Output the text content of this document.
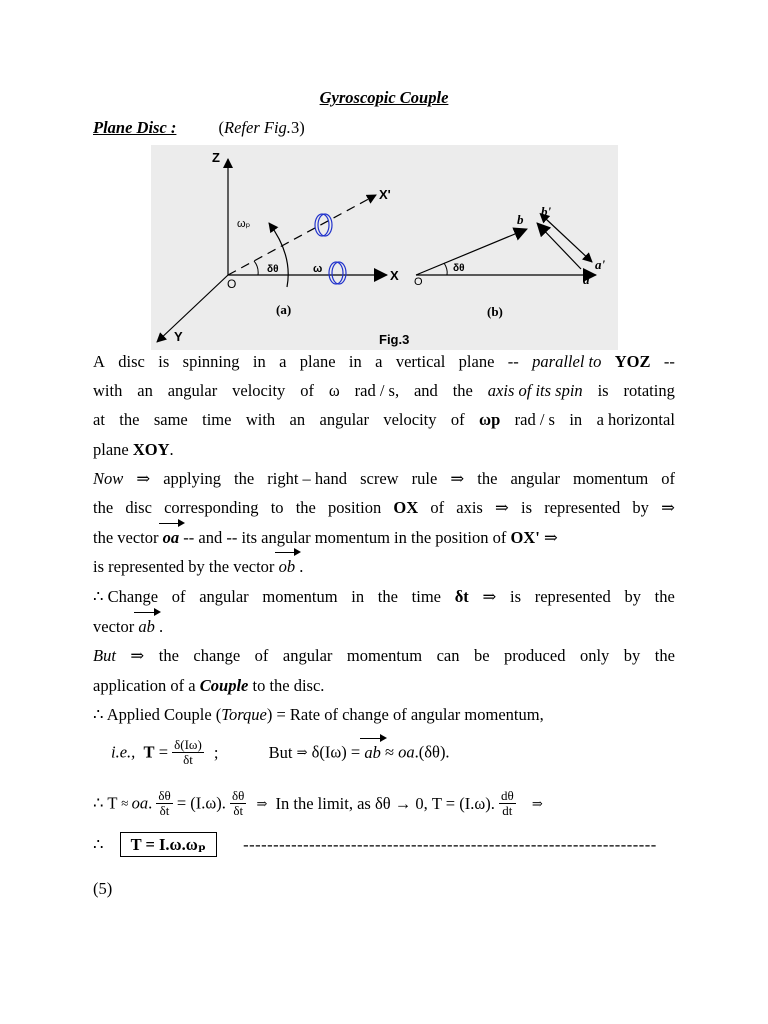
Gyroscopic Couple
Plane Disc :	(Refer Fig.3)
Z
X'
X
Y
O	O
ωₚ
δθ	ω	δθ
b
b'
a'
a
(a)	(b)
Fig.3
A disc is spinning in a plane in a vertical plane -- parallel to YOZ --
with an angular velocity of ω rad / s, and the axis of its spin is rotating
at the same time with an angular velocity of ωp rad / s in a horizontal
plane XOY.
Now ⇒ applying the right – hand screw rule ⇒ the angular momentum of
the disc corresponding to the position OX of axis ⇒ is represented by ⇒
the vector oa -- and -- its angular momentum in the position of OX' ⇒
is represented by the vector ob .
∴ Change of angular momentum in the time δt ⇒ is represented by the
vector ab .
But ⇒ the change of angular momentum can be produced only by the
application of a Couple to the disc.
∴ Applied Couple (Torque) = Rate of change of angular momentum,
i.e., $T = \frac{\delta(I\omega)}{\delta t}$ ;	But ⇒ δ(Iω) = ab ≈ oa.(δθ).
∴ T ≈ oa. $\frac{\delta\theta}{\delta t} = (I.\omega)$. $\frac{\delta\theta}{\delta t}$ ⇒ In the limit, as δθ → 0, T = (I.ω). $\frac{d\theta}{dt}$ ⇒
∴ T = I.ω.ωₚ ---------------------------------------------------------------------
(5)
